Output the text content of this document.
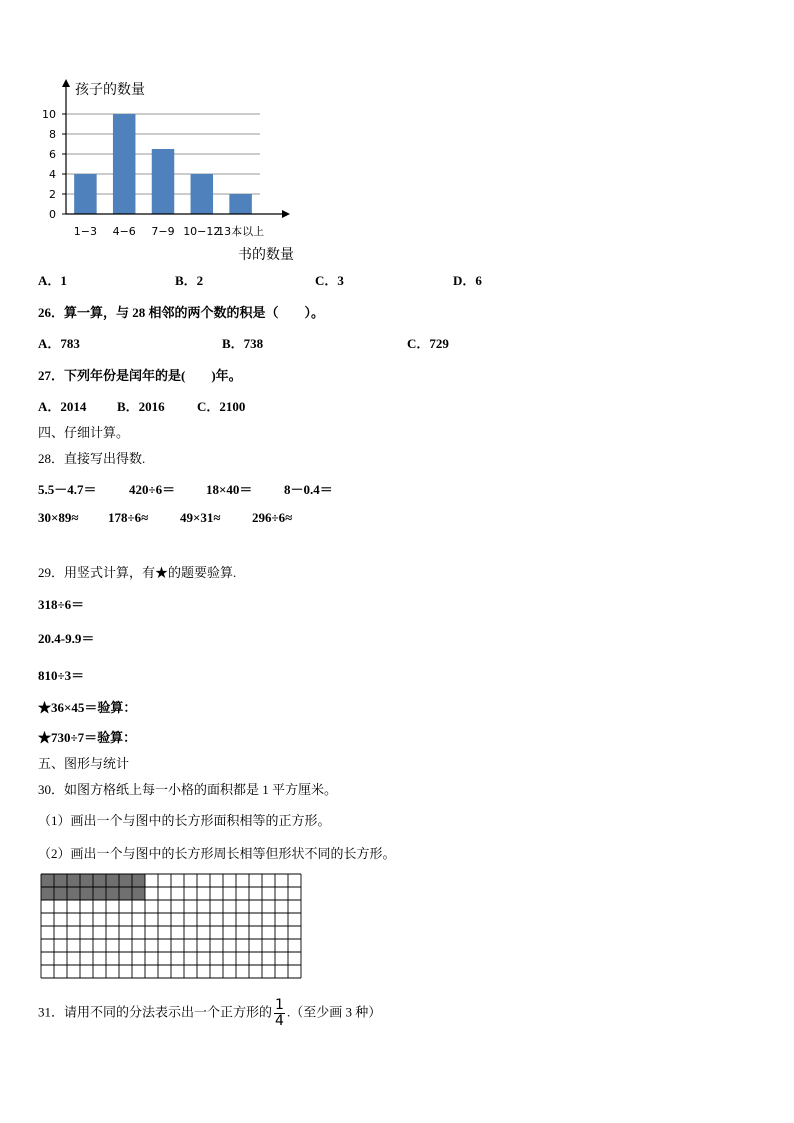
0
2
4
6
8
10
1−3 4−6 7−9 10−12
13本以上
孩子的数量
书的数量
A．1	B．2	C．3	D．6
26．算一算，与 28 相邻的两个数的积是（　　）。
A．783	B．738	C．729
27．下列年份是闰年的是(　　)年。
A．2014 B．2016 C．2100
四、仔细计算。
28．直接写出得数.
5.5－4.7＝ 420÷6＝ 18×40＝ 8－0.4＝
30×89≈ 178÷6≈ 49×31≈ 296÷6≈
29．用竖式计算，有★的题要验算.
318÷6＝
20.4-9.9＝
810÷3＝
★36×45＝验算：
★730÷7＝验算：
五、图形与统计
30．如图方格纸上每一小格的面积都是 1 平方厘米。
（1）画出一个与图中的长方形面积相等的正方形。
（2）画出一个与图中的长方形周长相等但形状不同的长方形。
31．请用不同的分法表示出一个正方形的 $\frac{1}{4}$ .（至少画 3 种）
